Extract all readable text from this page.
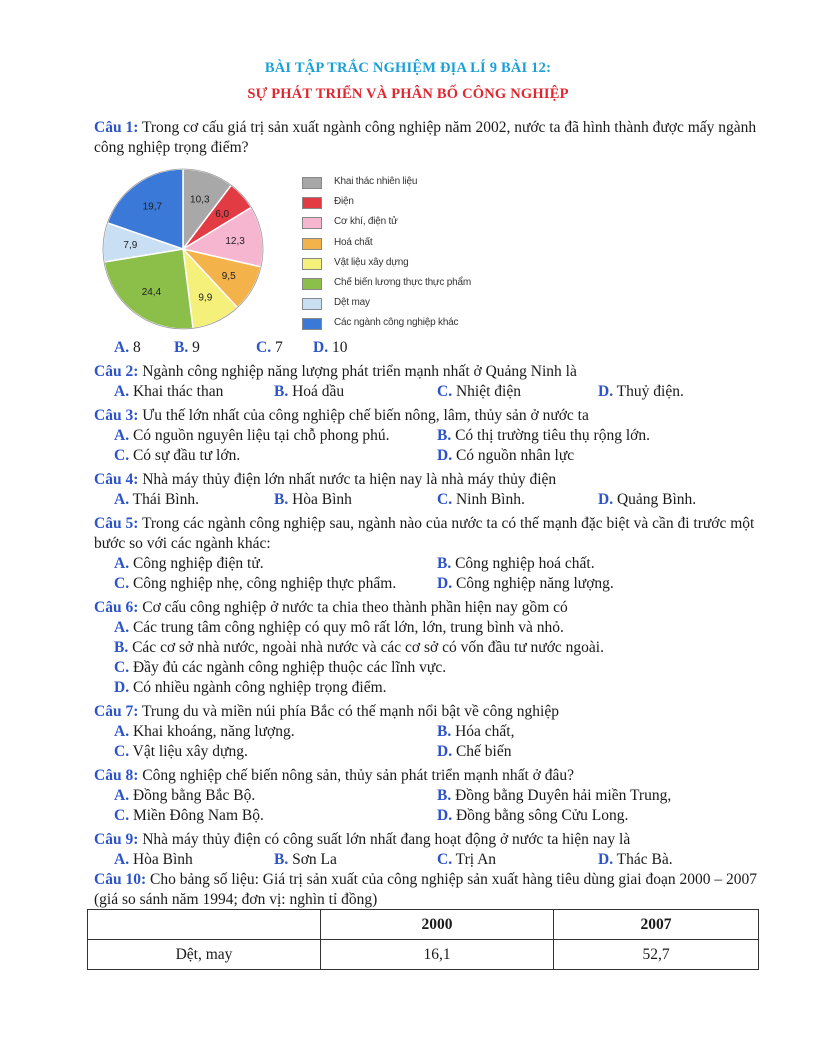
BÀI TẬP TRẮC NGHIỆM ĐỊA LÍ 9 BÀI 12:
SỰ PHÁT TRIỂN VÀ PHÂN BỐ CÔNG NGHIỆP
Câu 1: Trong cơ cấu giá trị sản xuất ngành công nghiệp năm 2002, nước ta đã hình thành được mấy ngành công nghiệp trọng điểm?
10,3
6,0
12,3
9,5
9,9
24,4
7,9
19,7
Khai thác nhiên liệu
Điện
Cơ khí, điện tử
Hoá chất
Vật liệu xây dựng
Chế biến lương thực thực phẩm
Dệt may
Các ngành công nghiệp khác
A. 8 B. 9	C. 7 D. 10
Câu 2: Ngành công nghiệp năng lượng phát triển mạnh nhất ở Quảng Ninh là
A. Khai thác than	B. Hoá dầu	C. Nhiệt điện	D. Thuỷ điện.
Câu 3: Ưu thế lớn nhất của công nghiệp chế biến nông, lâm, thủy sản ở nước ta
A. Có nguồn nguyên liệu tại chỗ phong phú.	B. Có thị trường tiêu thụ rộng lớn.
C. Có sự đầu tư lớn.	D. Có nguồn nhân lực
Câu 4: Nhà máy thủy điện lớn nhất nước ta hiện nay là nhà máy thủy điện
A. Thái Bình.	B. Hòa Bình	C. Ninh Bình.	D. Quảng Bình.
Câu 5: Trong các ngành công nghiệp sau, ngành nào của nước ta có thế mạnh đặc biệt và cần đi trước một bước so với các ngành khác:
A. Công nghiệp điện tử.	B. Công nghiệp hoá chất.
C. Công nghiệp nhẹ, công nghiệp thực phẩm.	D. Công nghiệp năng lượng.
Câu 6: Cơ cấu công nghiệp ở nước ta chia theo thành phần hiện nay gồm có
A. Các trung tâm công nghiệp có quy mô rất lớn, lớn, trung bình và nhỏ.
B. Các cơ sở nhà nước, ngoài nhà nước và các cơ sở có vốn đầu tư nước ngoài.
C. Đầy đủ các ngành công nghiệp thuộc các lĩnh vực.
D. Có nhiều ngành công nghiệp trọng điểm.
Câu 7: Trung du và miền núi phía Bắc có thế mạnh nổi bật về công nghiệp
A. Khai khoáng, năng lượng.	B. Hóa chất,
C. Vật liệu xây dựng.	D. Chế biến
Câu 8: Công nghiệp chế biến nông sản, thủy sản phát triển mạnh nhất ở đâu?
A. Đồng bằng Bắc Bộ.	B. Đồng bằng Duyên hải miền Trung,
C. Miền Đông Nam Bộ.	D. Đồng bằng sông Cửu Long.
Câu 9: Nhà máy thủy điện có công suất lớn nhất đang hoạt động ở nước ta hiện nay là
A. Hòa Bình	B. Sơn La	C. Trị An	D. Thác Bà.
Câu 10: Cho bảng số liệu: Giá trị sản xuất của công nghiệp sản xuất hàng tiêu dùng giai đoạn 2000 – 2007 (giá so sánh năm 1994; đơn vị: nghìn tỉ đồng)
	2000	2007
Dệt, may	16,1	52,7
